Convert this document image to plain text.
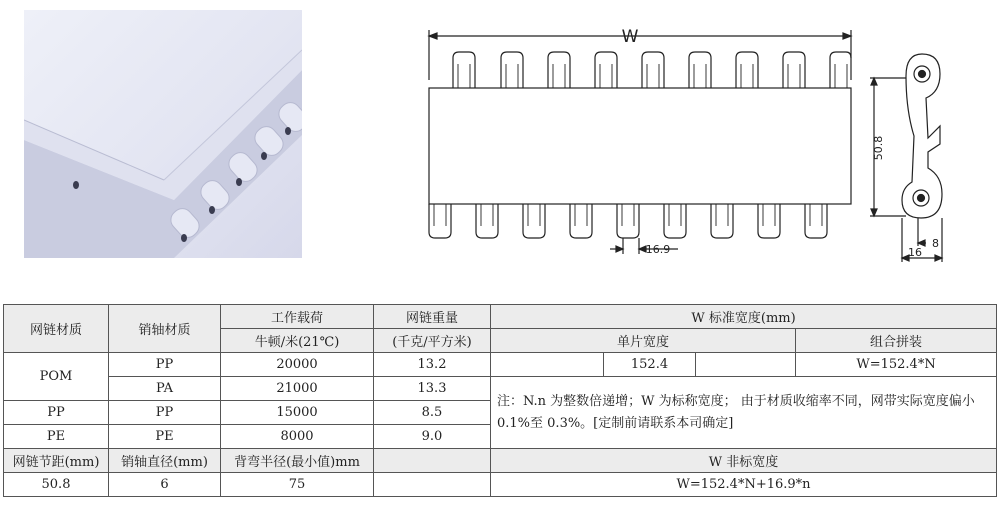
W
16.9
50.8
8
16
网链材质	销轴材质	工作载荷	网链重量	W 标准宽度(mm)			
		牛顿/米(21℃)	(千克/平方米)	单片宽度			组合拼装
POM	PP	20000	13.2		152.4		W=152.4*N
	PA	21000	13.3	注：N.n 为整数倍递增；W 为标称宽度； 由于材质收缩率不同，网带实际宽度偏小 0.1%至 0.3%。[定制前请联系本司确定]			
PP	PP	15000	8.5				
PE	PE	8000	9.0				
网链节距(mm)	销轴直径(mm)	背弯半径(最小值)mm		W 非标宽度			
50.8	6	75		W=152.4*N+16.9*n			
